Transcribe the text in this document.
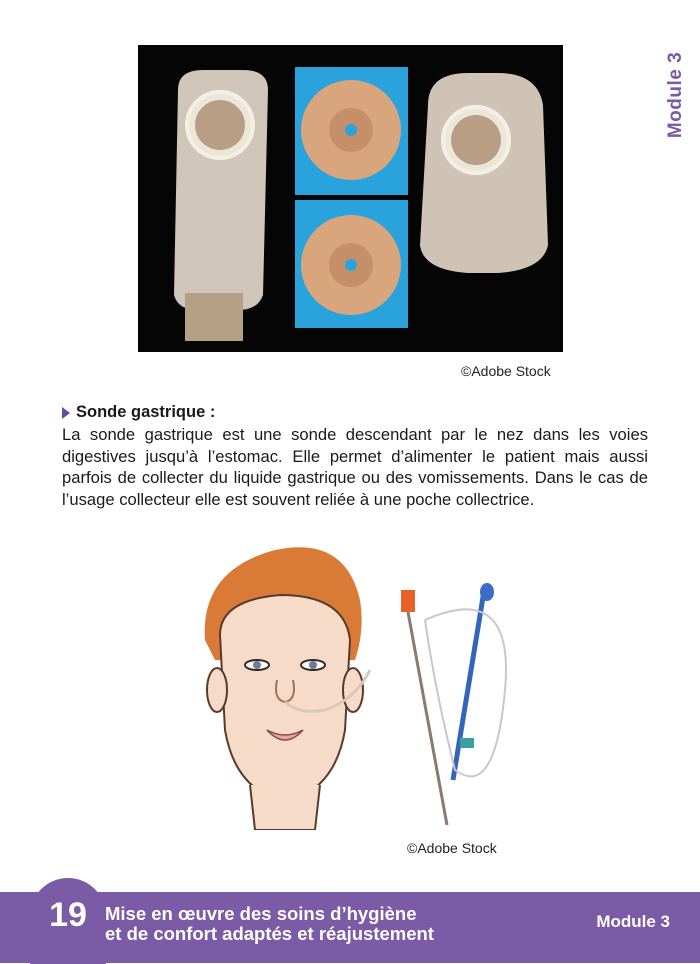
Module 3
©Adobe Stock
Sonde gastrique :
La sonde gastrique est une sonde descendant par le nez dans les voies digestives jusqu’à l’estomac. Elle permet d’alimenter le patient mais aussi parfois de collecter du liquide gastrique ou des vomissements. Dans le cas de l’usage collecteur elle est souvent reliée à une poche collectrice.
©Adobe Stock
19 Mise en œuvre des soins d’hygiène
et de confort adaptés et réajustement
Module 3
